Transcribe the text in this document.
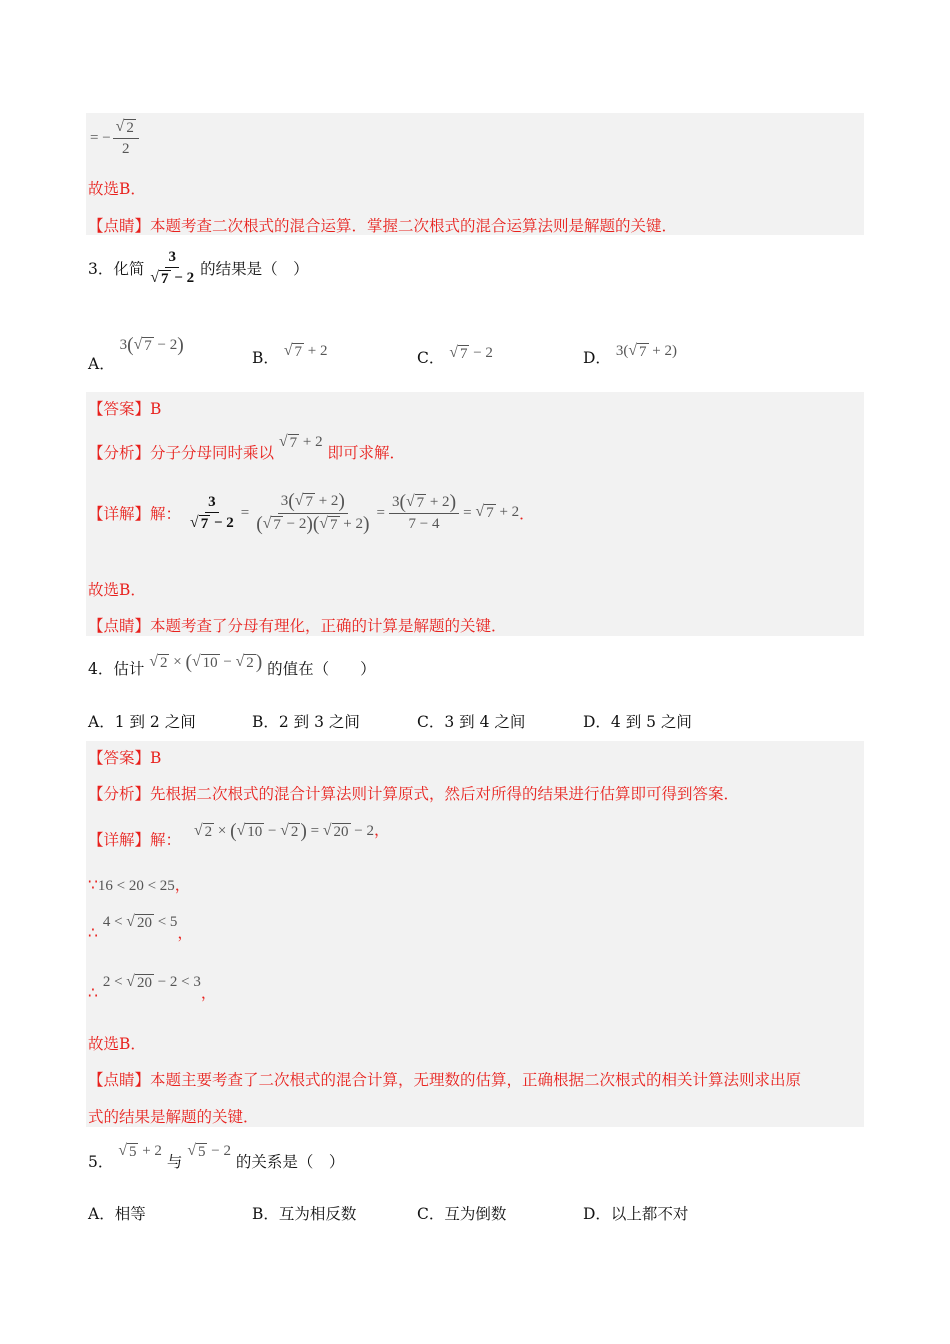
= − $\frac{√ 2}{2}$
故选B．
【点睛】本题考查二次根式的混合运算．掌握二次根式的混合运算法则是解题的关键．
3．化简 $\frac{3}{√ 7 - 2}$ 的结果是（　）
A． 3( √ 7 − 2)
B． √ 7 + 2	C． √ 7 − 2	D． 3( √ 7 + 2)
【答案】B
【分析】分子分母同时乘以
√ 7 + 2 即可求解．
【详解】 解： $\frac{3}{√ 7 - 2} = \frac{3( √ 7 + 2)}{( √ 7 - 2)( √ 7 + 2)} = \frac{3( √ 7 + 2)}{7 - 4}$ = √ 7 + 2 ．
故选B．
【点睛】本题考查了分母有理化，正确的计算是解题的关键．
4．估计 √ 2 × ( √ 10 − √ 2 ) 的值在（　　）
A．1 到 2 之间	B．2 到 3 之间	C．3 到 4 之间	D．4 到 5 之间
【答案】B
【分析】先根据二次根式的混合计算法则计算原式，然后对所得的结果进行估算即可得到答案．
【详解】解：
√ 2 × ( √ 10 − √ 2 ) = √ 20 − 2，
∵16 < 20 < 25，
∴ 4 < √ 20 < 5，
∴ 2 < √ 20 − 2 < 3，
故选B．
【点睛】本题主要考查了二次根式的混合计算，无理数的估算，正确根据二次根式的相关计算法则求出原
式的结果是解题的关键．
5．
√ 5 + 2 与
√ 5 − 2 的关系是（　）
A．相等	B．互为相反数	C．互为倒数	D．以上都不对
